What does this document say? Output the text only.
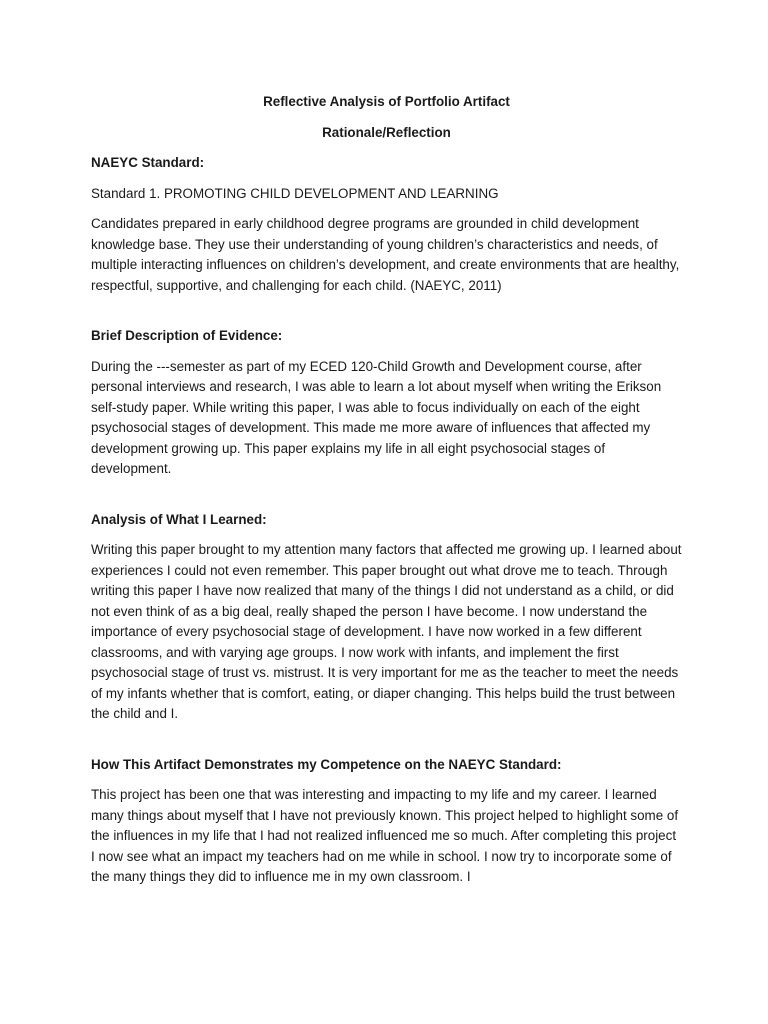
Reflective Analysis of Portfolio Artifact
Rationale/Reflection
NAEYC Standard:
Standard 1. PROMOTING CHILD DEVELOPMENT AND LEARNING
Candidates prepared in early childhood degree programs are grounded in child development knowledge base. They use their understanding of young children’s characteristics and needs, of multiple interacting influences on children’s development, and create environments that are healthy, respectful, supportive, and challenging for each child. (NAEYC, 2011)
Brief Description of Evidence:
During the ---semester as part of my ECED 120-Child Growth and Development course, after personal interviews and research, I was able to learn a lot about myself when writing the Erikson self-study paper. While writing this paper, I was able to focus individually on each of the eight psychosocial stages of development. This made me more aware of influences that affected my development growing up. This paper explains my life in all eight psychosocial stages of development.
Analysis of What I Learned:
Writing this paper brought to my attention many factors that affected me growing up. I learned about experiences I could not even remember. This paper brought out what drove me to teach. Through writing this paper I have now realized that many of the things I did not understand as a child, or did not even think of as a big deal, really shaped the person I have become. I now understand the importance of every psychosocial stage of development. I have now worked in a few different classrooms, and with varying age groups. I now work with infants, and implement the first psychosocial stage of trust vs. mistrust. It is very important for me as the teacher to meet the needs of my infants whether that is comfort, eating, or diaper changing. This helps build the trust between the child and I.
How This Artifact Demonstrates my Competence on the NAEYC Standard:
This project has been one that was interesting and impacting to my life and my career. I learned many things about myself that I have not previously known. This project helped to highlight some of the influences in my life that I had not realized influenced me so much. After completing this project I now see what an impact my teachers had on me while in school. I now try to incorporate some of the many things they did to influence me in my own classroom. I
